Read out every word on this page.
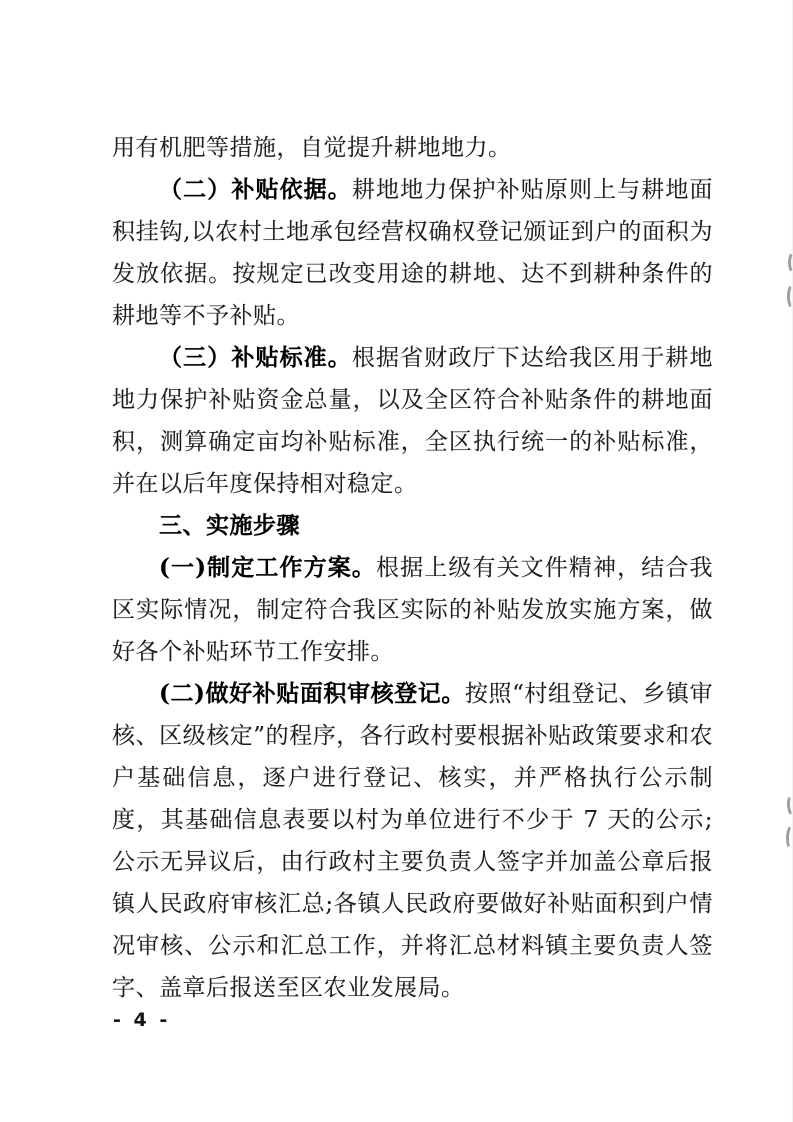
用有机肥等措施，自觉提升耕地地力。

（二）补贴依据。耕地地力保护补贴原则上与耕地面积挂钩,以农村土地承包经营权确权登记颁证到户的面积为发放依据。按规定已改变用途的耕地、达不到耕种条件的耕地等不予补贴。

（三）补贴标准。根据省财政厅下达给我区用于耕地地力保护补贴资金总量，以及全区符合补贴条件的耕地面积，测算确定亩均补贴标准，全区执行统一的补贴标准，并在以后年度保持相对稳定。

三、实施步骤

(一)制定工作方案。根据上级有关文件精神，结合我区实际情况，制定符合我区实际的补贴发放实施方案，做好各个补贴环节工作安排。

(二)做好补贴面积审核登记。按照“村组登记、乡镇审核、区级核定”的程序，各行政村要根据补贴政策要求和农户基础信息，逐户进行登记、核实，并严格执行公示制度，其基础信息表要以村为单位进行不少于 7 天的公示;公示无异议后，由行政村主要负责人签字并加盖公章后报镇人民政府审核汇总;各镇人民政府要做好补贴面积到户情况审核、公示和汇总工作，并将汇总材料镇主要负责人签字、盖章后报送至区农业发展局。

- 4 -
